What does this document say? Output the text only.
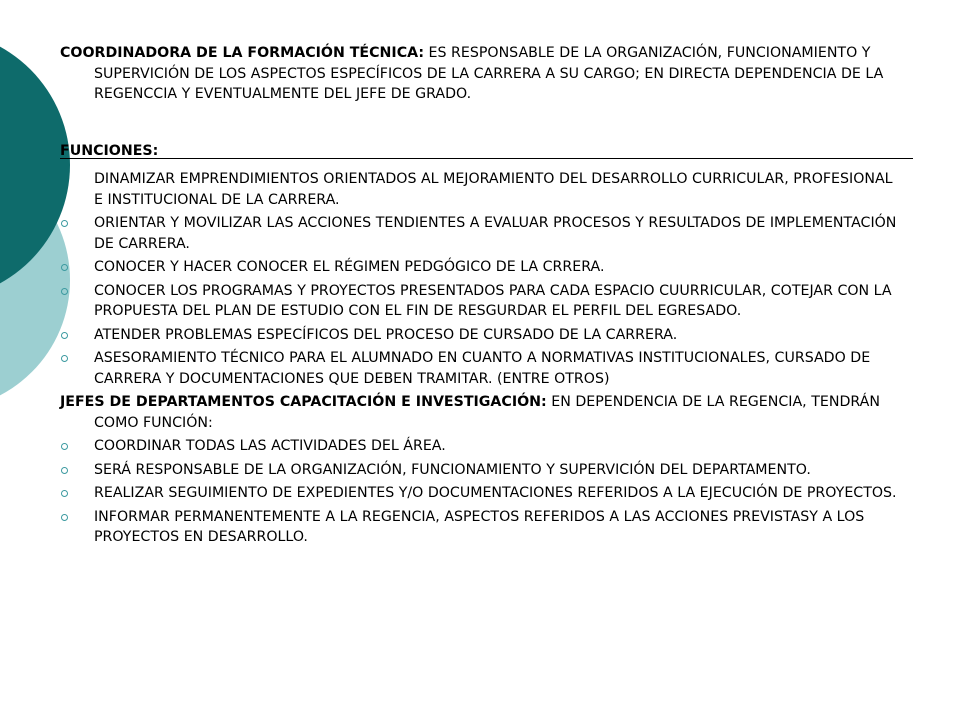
COORDINADORA DE LA FORMACIÓN TÉCNICA: ES RESPONSABLE DE LA ORGANIZACIÓN, FUNCIONAMIENTO Y SUPERVICIÓN DE LOS ASPECTOS ESPECÍFICOS DE LA CARRERA A SU CARGO; EN DIRECTA DEPENDENCIA DE LA REGENCCIA Y EVENTUALMENTE DEL JEFE DE GRADO.

FUNCIONES:

DINAMIZAR EMPRENDIMIENTOS ORIENTADOS AL MEJORAMIENTO DEL DESARROLLO CURRICULAR, PROFESIONAL E INSTITUCIONAL DE LA CARRERA.

ORIENTAR Y MOVILIZAR LAS ACCIONES TENDIENTES A EVALUAR PROCESOS Y RESULTADOS DE IMPLEMENTACIÓN DE CARRERA.

CONOCER Y HACER CONOCER EL RÉGIMEN PEDGÓGICO DE LA CRRERA.

CONOCER LOS PROGRAMAS Y PROYECTOS PRESENTADOS PARA CADA ESPACIO CUURRICULAR, COTEJAR CON LA PROPUESTA DEL PLAN DE ESTUDIO CON EL FIN DE RESGURDAR EL PERFIL DEL EGRESADO.

ATENDER PROBLEMAS ESPECÍFICOS DEL PROCESO DE CURSADO DE LA CARRERA.

ASESORAMIENTO TÉCNICO PARA EL ALUMNADO EN CUANTO A NORMATIVAS INSTITUCIONALES, CURSADO DE CARRERA Y DOCUMENTACIONES QUE DEBEN TRAMITAR. (ENTRE OTROS)

JEFES DE DEPARTAMENTOS CAPACITACIÓN E INVESTIGACIÓN: EN DEPENDENCIA DE LA REGENCIA, TENDRÁN COMO FUNCIÓN:

COORDINAR TODAS LAS ACTIVIDADES DEL ÁREA.

SERÁ RESPONSABLE DE LA ORGANIZACIÓN, FUNCIONAMIENTO Y SUPERVICIÓN DEL DEPARTAMENTO.

REALIZAR SEGUIMIENTO DE EXPEDIENTES Y/O DOCUMENTACIONES REFERIDOS A LA EJECUCIÓN DE PROYECTOS.

INFORMAR PERMANENTEMENTE A LA REGENCIA, ASPECTOS REFERIDOS A LAS ACCIONES PREVISTASY A LOS PROYECTOS EN DESARROLLO.
